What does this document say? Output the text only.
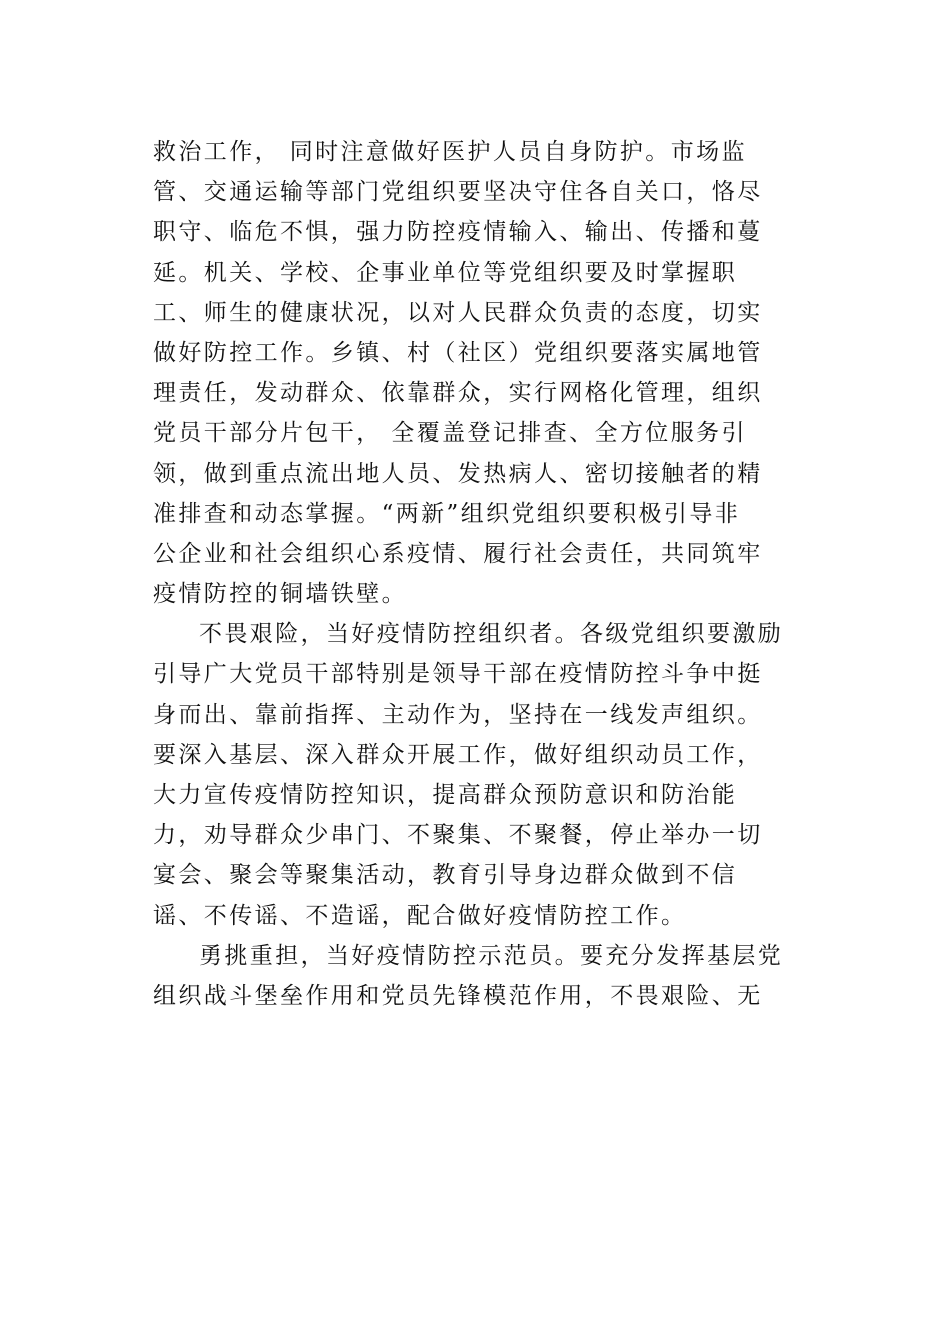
救治工作， 同时注意做好医护人员自身防护。市场监
管、交通运输等部门党组织要坚决守住各自关口，恪尽
职守、临危不惧，强力防控疫情输入、输出、传播和蔓
延。机关、学校、企事业单位等党组织要及时掌握职
工、师生的健康状况，以对人民群众负责的态度，切实
做好防控工作。乡镇、村（社区）党组织要落实属地管
理责任，发动群众、依靠群众，实行网格化管理，组织
党员干部分片包干， 全覆盖登记排查、全方位服务引
领，做到重点流出地人员、发热病人、密切接触者的精
准排查和动态掌握。“两新”组织党组织要积极引导非
公企业和社会组织心系疫情、履行社会责任，共同筑牢
疫情防控的铜墙铁壁。
不畏艰险，当好疫情防控组织者。各级党组织要激励
引导广大党员干部特别是领导干部在疫情防控斗争中挺
身而出、靠前指挥、主动作为，坚持在一线发声组织。
要深入基层、深入群众开展工作，做好组织动员工作，
大力宣传疫情防控知识，提高群众预防意识和防治能
力，劝导群众少串门、不聚集、不聚餐，停止举办一切
宴会、聚会等聚集活动，教育引导身边群众做到不信
谣、不传谣、不造谣，配合做好疫情防控工作。
勇挑重担，当好疫情防控示范员。要充分发挥基层党
组织战斗堡垒作用和党员先锋模范作用，不畏艰险、无
